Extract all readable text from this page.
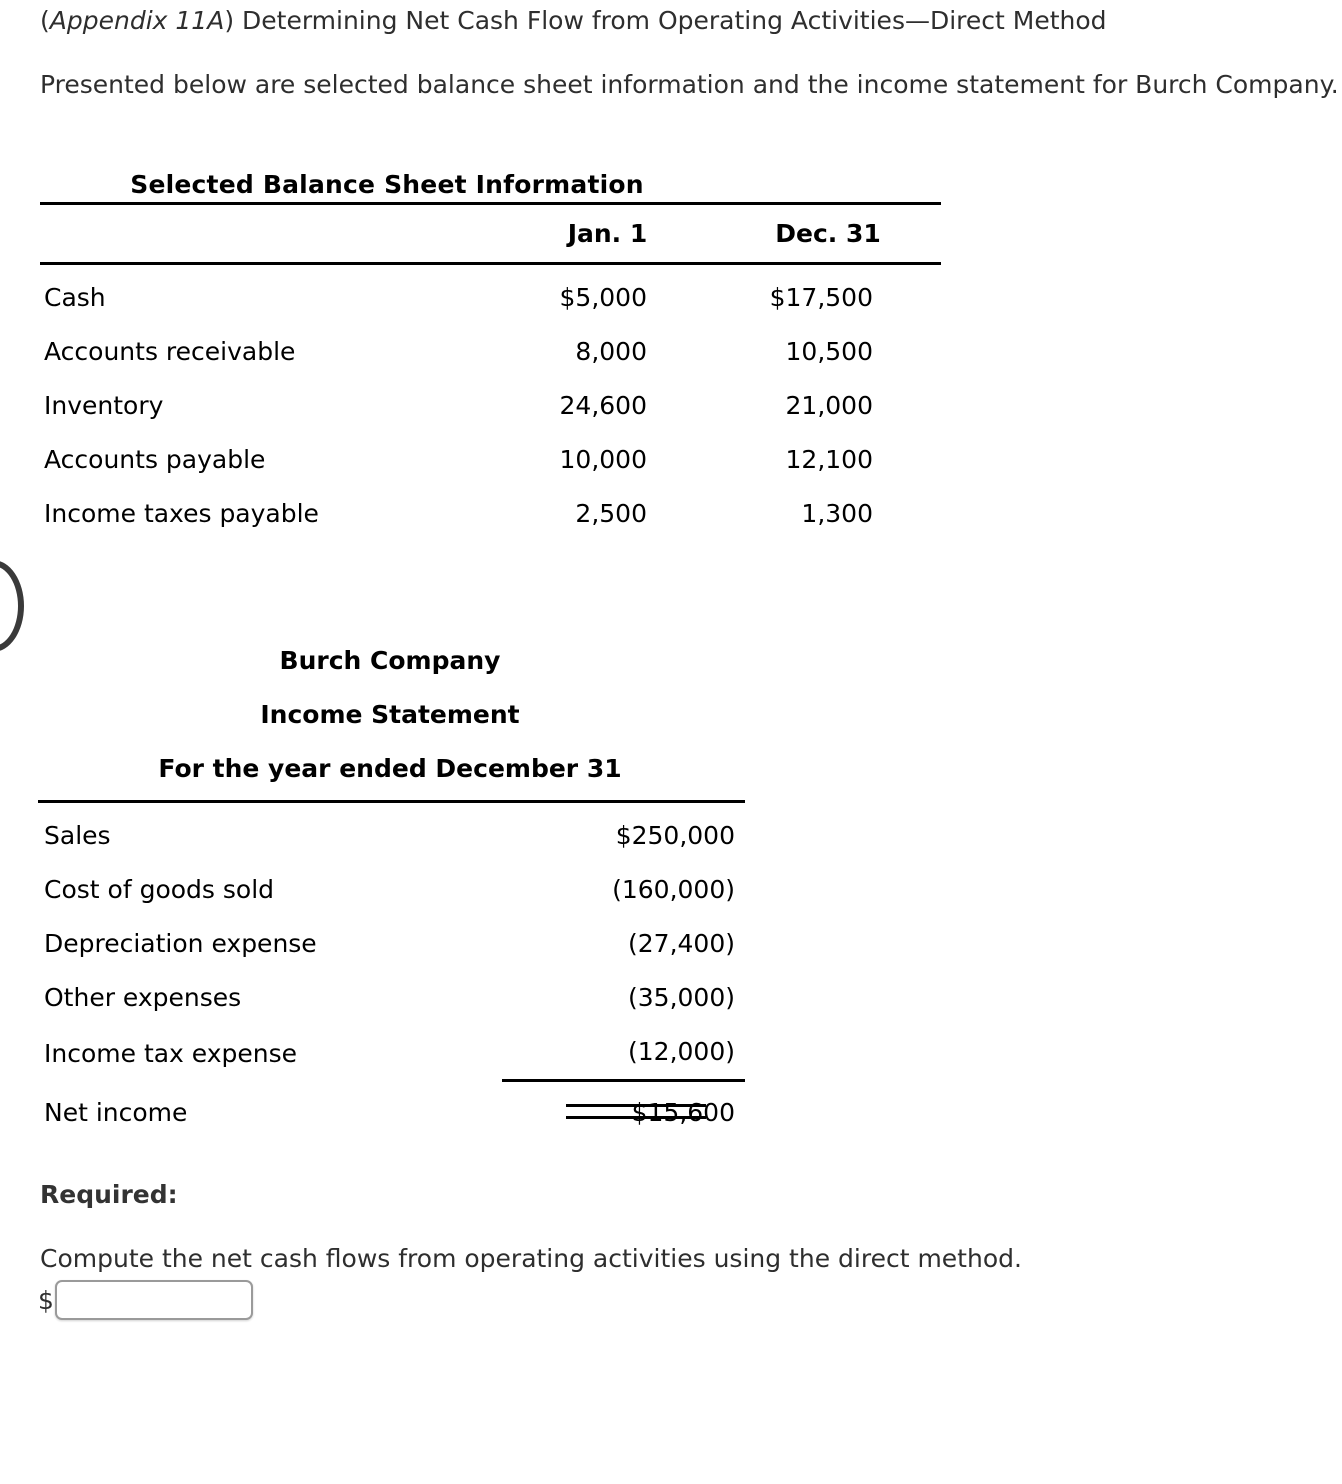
(Appendix 11A) Determining Net Cash Flow from Operating Activities—Direct Method
Presented below are selected balance sheet information and the income statement for Burch Company.
Selected Balance Sheet Information
	Jan. 1	Dec. 31
Cash	$5,000	$17,500
Accounts receivable	8,000	10,500
Inventory	24,600	21,000
Accounts payable	10,000	12,100
Income taxes payable	2,500	1,300
Burch Company
Income Statement
For the year ended December 31
Sales	$250,000
Cost of goods sold	(160,000)
Depreciation expense	(27,400)
Other expenses	(35,000)
Income tax expense	(12,000)
Net income	$15,600
Required:
Compute the net cash flows from operating activities using the direct method.
$
